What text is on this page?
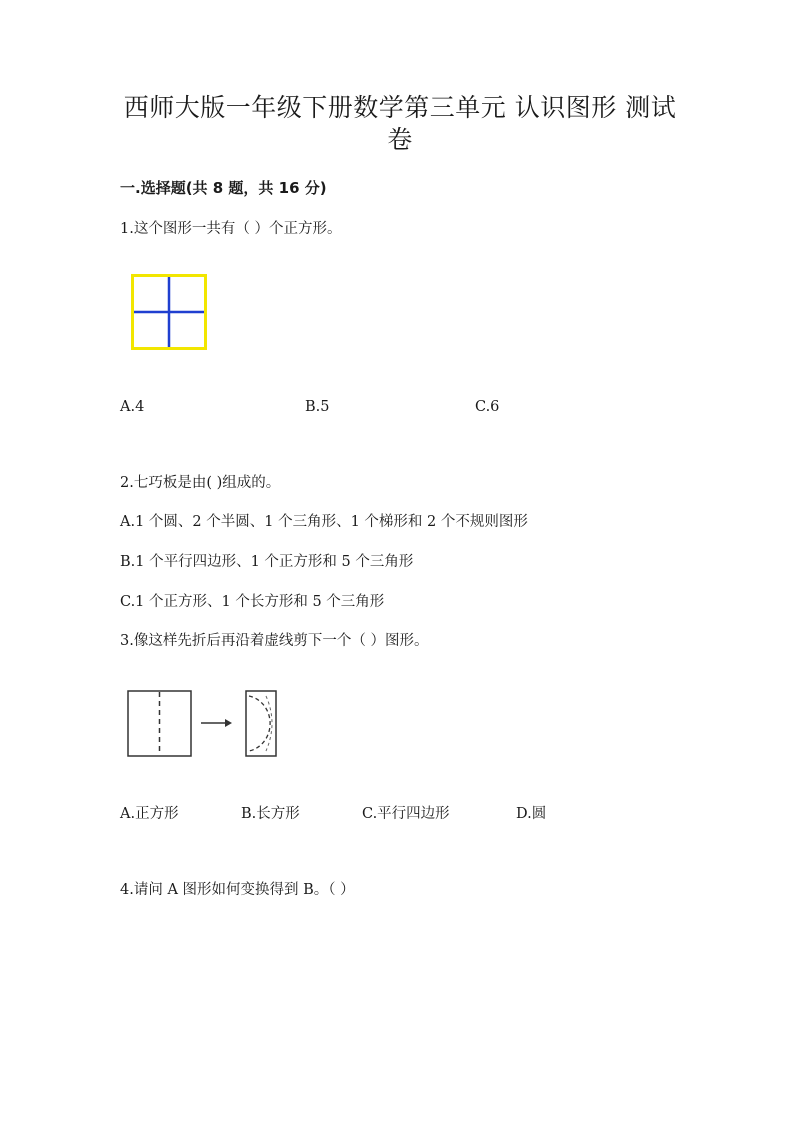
西师大版一年级下册数学第三单元 认识图形 测试
卷
一.选择题(共 8 题，共 16 分)
1.这个图形一共有（ ）个正方形。
A.4	B.5	C.6
2.七巧板是由( )组成的。
A.1 个圆、2 个半圆、1 个三角形、1 个梯形和 2 个不规则图形
B.1 个平行四边形、1 个正方形和 5 个三角形
C.1 个正方形、1 个长方形和 5 个三角形
3.像这样先折后再沿着虚线剪下一个（ ）图形。
A.正方形	B.长方形	C.平行四边形	D.圆
4.请问 A 图形如何变换得到 B。（ ）
